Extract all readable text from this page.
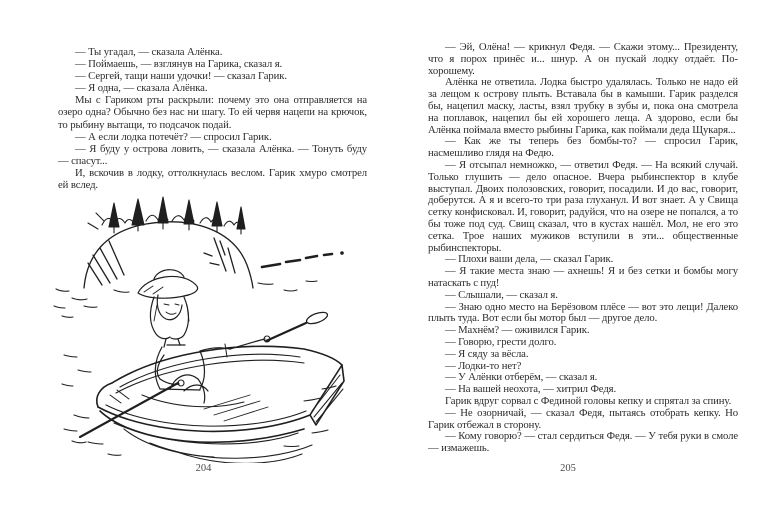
— Ты угадал, — сказала Алёнка.

— Поймаешь, — взглянув на Гарика, сказал я.

— Сергей, тащи наши удочки! — сказал Гарик.

— Я одна, — сказала Алёнка.

Мы с Гариком рты раскрыли: почему это она отправляется на озеро одна? Обычно без нас ни шагу. То ей червя нацепи на крючок, то рыбину вытащи, то подсачок подай.

— А если лодка потечёт? — спросил Гарик.

— Я буду у острова ловить, — сказала Алёнка. — Тонуть буду — спасут...

И, вскочив в лодку, оттолкнулась веслом. Гарик хмуро смотрел ей вслед.

204

— Эй, Олёна! — крикнул Федя. — Скажи этому... Президенту, что я порох принёс и... шнур. А он пускай лодку отдаёт. По-хорошему.

Алёнка не ответила. Лодка быстро удалялась. Только не надо ей за лещом к острову плыть. Вставала бы в камыши. Гарик разделся бы, нацепил маску, ласты, взял трубку в зубы и, пока она смотрела на поплавок, нацепил бы ей хорошего леща. А здорово, если бы Алёнка поймала вместо рыбины Гарика, как поймали деда Щукаря...

— Как же ты теперь без бомбы-то? — спросил Гарик, насмешливо глядя на Федю.

— Я отсыпал немножко, — ответил Федя. — На всякий случай. Только глушить — дело опасное. Вчера рыбинспектор в клубе выступал. Двоих полозовских, говорит, посадили. И до вас, говорит, доберутся. А я и всего-то три раза глуханул. И вот знает. А у Свища сетку конфисковал. И, говорит, радуйся, что на озере не попался, а то бы тоже под суд. Свищ сказал, что в кустах нашёл. Мол, не его это сетка. Трое наших мужиков вступили в эти... общественные рыбинспекторы.

— Плохи ваши дела, — сказал Гарик.

— Я такие места знаю — ахнешь! Я и без сетки и бомбы могу натаскать с пуд!

— Слышали, — сказал я.

— Знаю одно место на Берёзовом плёсе — вот это лещи! Далеко плыть туда. Вот если бы мотор был — другое дело.

— Махнём? — оживился Гарик.

— Говорю, грести долго.

— Я сяду за вёсла.

— Лодки-то нет?

— У Алёнки отберём, — сказал я.

— На вашей неохота, — хитрил Федя.

Гарик вдруг сорвал с Фединой головы кепку и спрятал за спину.

— Не озорничай, — сказал Федя, пытаясь отобрать кепку. Но Гарик отбежал в сторону.

— Кому говорю? — стал сердиться Федя. — У тебя руки в смоле — измажешь.

205
